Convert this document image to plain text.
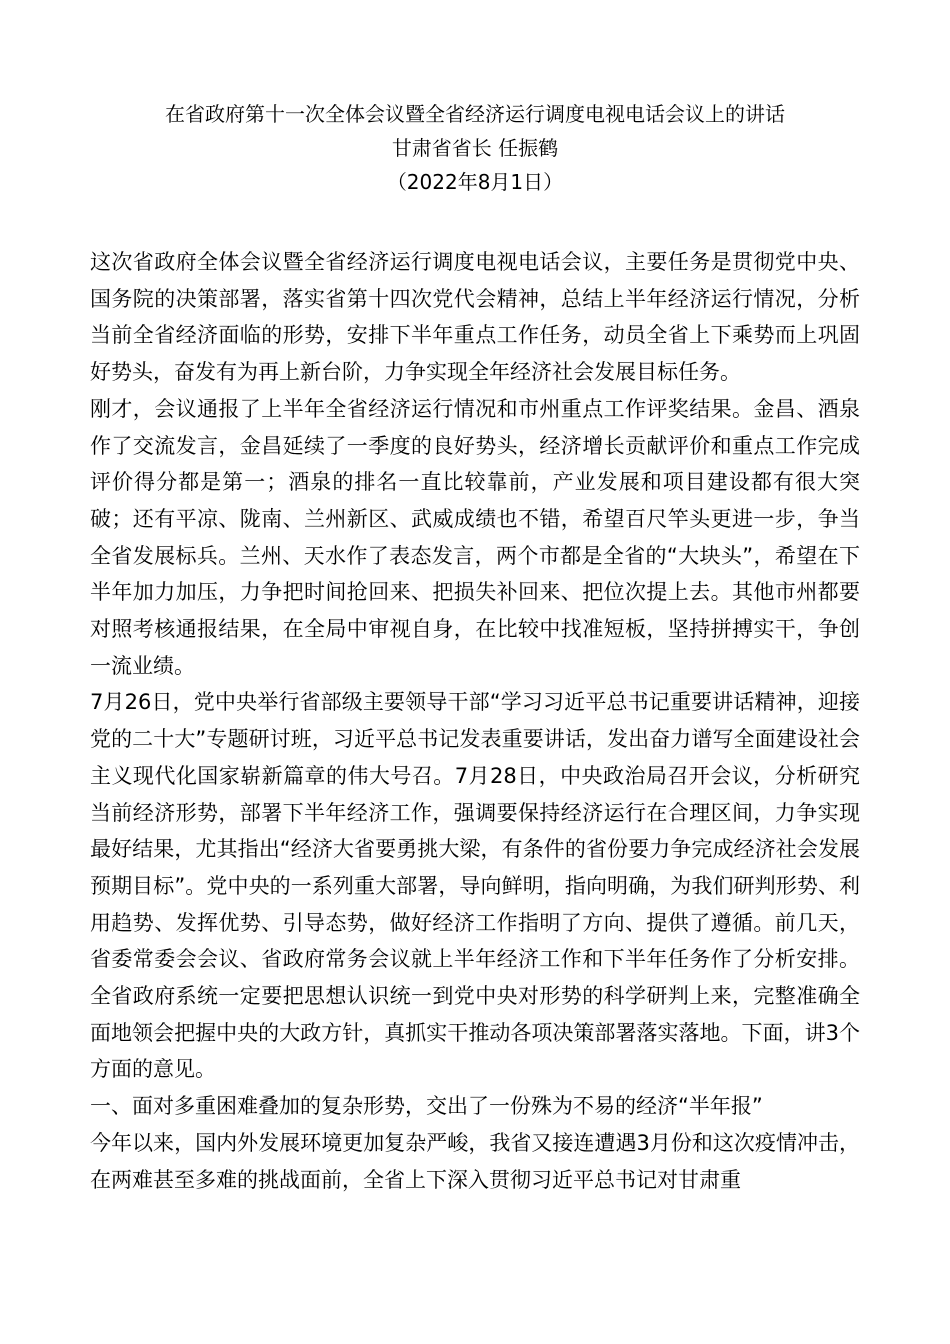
在省政府第十一次全体会议暨全省经济运行调度电视电话会议上的讲话
甘肃省省长 任振鹤
（2022年8月1日）

这次省政府全体会议暨全省经济运行调度电视电话会议，主要任务是贯彻党中央、国务院的决策部署，落实省第十四次党代会精神，总结上半年经济运行情况，分析当前全省经济面临的形势，安排下半年重点工作任务，动员全省上下乘势而上巩固好势头，奋发有为再上新台阶，力争实现全年经济社会发展目标任务。

刚才，会议通报了上半年全省经济运行情况和市州重点工作评奖结果。金昌、酒泉作了交流发言，金昌延续了一季度的良好势头，经济增长贡献评价和重点工作完成评价得分都是第一；酒泉的排名一直比较靠前，产业发展和项目建设都有很大突破；还有平凉、陇南、兰州新区、武威成绩也不错，希望百尺竿头更进一步，争当全省发展标兵。兰州、天水作了表态发言，两个市都是全省的“大块头”，希望在下半年加力加压，力争把时间抢回来、把损失补回来、把位次提上去。其他市州都要对照考核通报结果，在全局中审视自身，在比较中找准短板，坚持拼搏实干，争创一流业绩。

7月26日，党中央举行省部级主要领导干部“学习习近平总书记重要讲话精神，迎接党的二十大”专题研讨班，习近平总书记发表重要讲话，发出奋力谱写全面建设社会主义现代化国家崭新篇章的伟大号召。7月28日，中央政治局召开会议，分析研究当前经济形势，部署下半年经济工作，强调要保持经济运行在合理区间，力争实现最好结果，尤其指出“经济大省要勇挑大梁，有条件的省份要力争完成经济社会发展预期目标”。党中央的一系列重大部署，导向鲜明，指向明确，为我们研判形势、利用趋势、发挥优势、引导态势，做好经济工作指明了方向、提供了遵循。前几天，省委常委会会议、省政府常务会议就上半年经济工作和下半年任务作了分析安排。全省政府系统一定要把思想认识统一到党中央对形势的科学研判上来，完整准确全面地领会把握中央的大政方针，真抓实干推动各项决策部署落实落地。下面，讲3个方面的意见。

一、面对多重困难叠加的复杂形势，交出了一份殊为不易的经济“半年报”

今年以来，国内外发展环境更加复杂严峻，我省又接连遭遇3月份和这次疫情冲击，在两难甚至多难的挑战面前，全省上下深入贯彻习近平总书记对甘肃重
